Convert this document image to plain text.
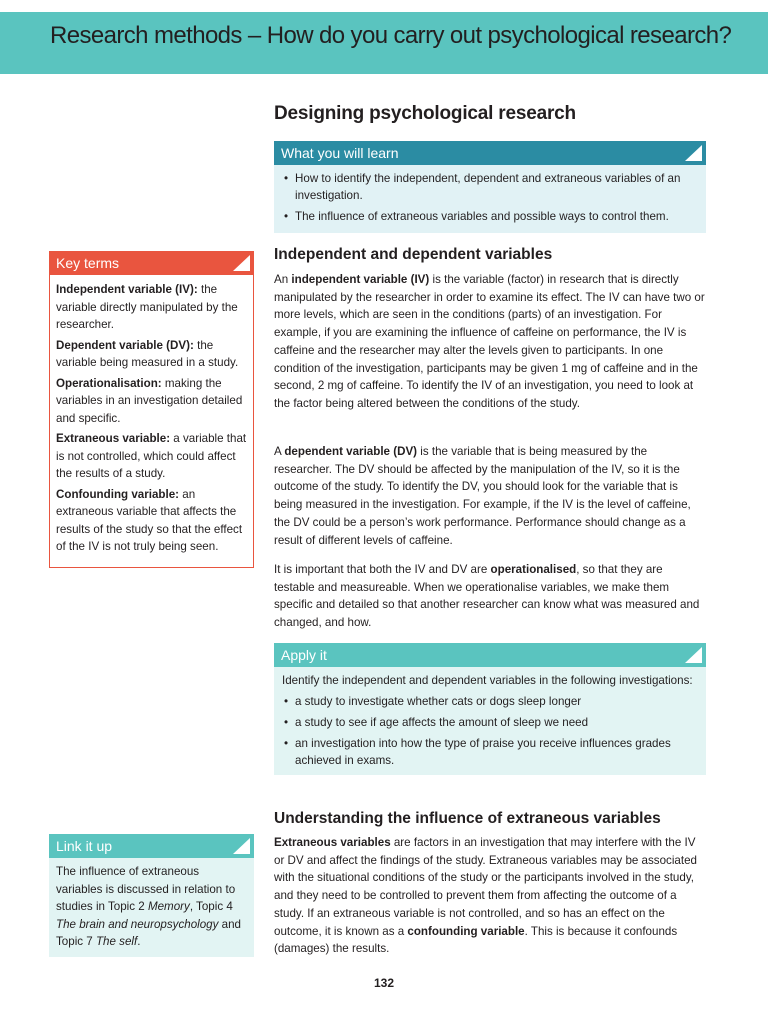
Research methods – How do you carry out psychological research?
Designing psychological research
What you will learn
• How to identify the independent, dependent and extraneous variables of an investigation.
• The influence of extraneous variables and possible ways to control them.
Key terms
Independent variable (IV): the variable directly manipulated by the researcher.
Dependent variable (DV): the variable being measured in a study.
Operationalisation: making the variables in an investigation detailed and specific.
Extraneous variable: a variable that is not controlled, which could affect the results of a study.
Confounding variable: an extraneous variable that affects the results of the study so that the effect of the IV is not truly being seen.
Independent and dependent variables

An independent variable (IV) is the variable (factor) in research that is directly manipulated by the researcher in order to examine its effect. The IV can have two or more levels, which are seen in the conditions (parts) of an investigation. For example, if you are examining the influence of caffeine on performance, the IV is caffeine and the researcher may alter the levels given to participants. In one condition of the investigation, participants may be given 1 mg of caffeine and in the second, 2 mg of caffeine. To identify the IV of an investigation, you need to look at the factor being altered between the conditions of the study.

A dependent variable (DV) is the variable that is being measured by the researcher. The DV should be affected by the manipulation of the IV, so it is the outcome of the study. To identify the DV, you should look for the variable that is being measured in the investigation. For example, if the IV is the level of caffeine, the DV could be a person’s work performance. Performance should change as a result of different levels of caffeine.

It is important that both the IV and DV are operationalised, so that they are testable and measureable. When we operationalise variables, we make them specific and detailed so that another researcher can know what was measured and changed, and how.

Apply it

Identify the independent and dependent variables in the following investigations:

• a study to investigate whether cats or dogs sleep longer
• a study to see if age affects the amount of sleep we need
• an investigation into how the type of praise you receive influences grades achieved in exams.
Understanding the influence of extraneous variables

Extraneous variables are factors in an investigation that may interfere with the IV or DV and affect the findings of the study. Extraneous variables may be associated with the situational conditions of the study or the participants involved in the study, and they need to be controlled to prevent them from affecting the outcome of a study. If an extraneous variable is not controlled, and so has an effect on the outcome, it is known as a confounding variable. This is because it confounds (damages) the results.

Link it up
The influence of extraneous variables is discussed in relation to studies in Topic 2 Memory, Topic 4 The brain and neuropsychology and Topic 7 The self.
132
